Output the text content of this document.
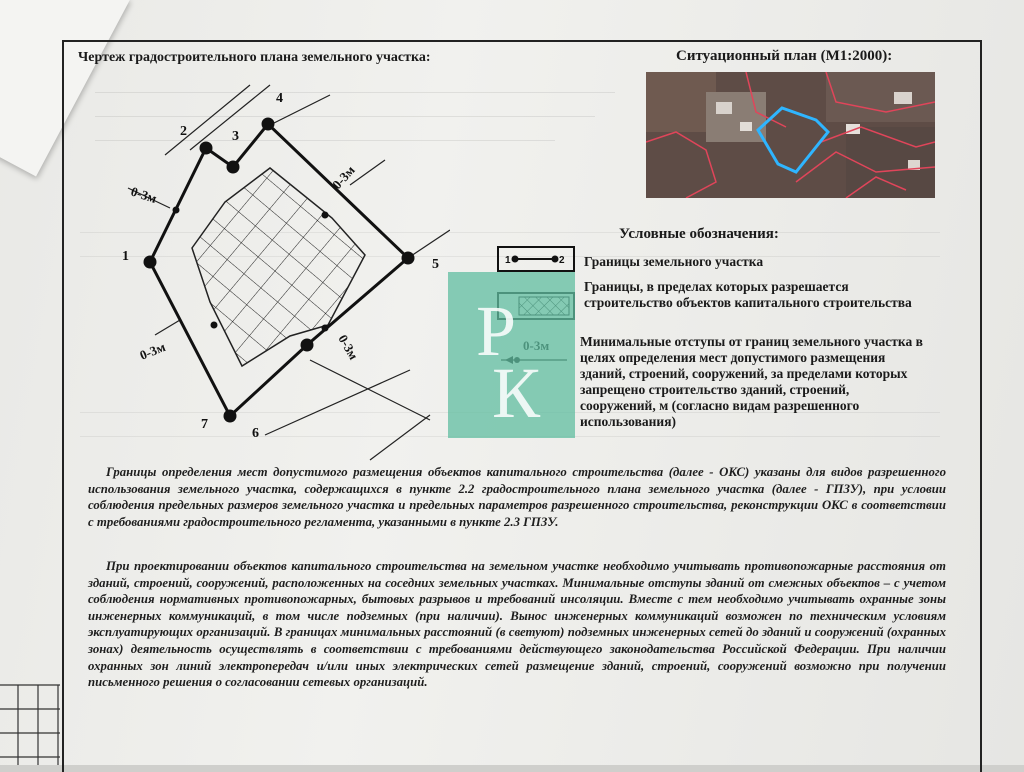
Чертеж градостроительного плана земельного участка:	Ситуационный план (М1:2000):
1
2	3
4
5
6
7
0-3м
0-3м
0-3м	0-3м
Условные обозначения:
1	2 Границы земельного участка
Границы, в пределах которых разрешается строительство объектов капитального строительства
Минимальные отступы от границ земельного участка в целях определения мест допустимого размещения зданий, строений, сооружений, за пределами которых запрещено строительство зданий, строений, сооружений, м (согласно видам разрешенного использования)
Р
К
Границы определения мест допустимого размещения объектов капитального строительства (далее - ОКС) указаны для видов разрешенного использования земельного участка, содержащихся в пункте 2.2 градостроительного плана земельного участка (далее - ГПЗУ), при условии соблюдения предельных размеров земельного участка и предельных параметров разрешенного строительства, реконструкции ОКС в соответствии с требованиями градостроительного регламента, указанными в пункте 2.3 ГПЗУ.
При проектировании объектов капитального строительства на земельном участке необходимо учитывать противопожарные расстояния от зданий, строений, сооружений, расположенных на соседних земельных участках. Минимальные отступы зданий от смежных объектов – с учетом соблюдения нормативных противопожарных, бытовых разрывов и требований инсоляции. Вместе с тем необходимо учитывать охранные зоны инженерных коммуникаций, в том числе подземных (при наличии). Вынос инженерных коммуникаций возможен по техническим условиям эксплуатирующих организаций. В границах минимальных расстояний (в светуют) подземных инженерных сетей до зданий и сооружений (охранных зонах) деятельность осуществлять в соответствии с требованиями действующего законодательства Российской Федерации. При наличии охранных зон линий электропередач и/или иных электрических сетей размещение зданий, строений, сооружений возможно при получении письменного решения о согласовании сетевых организаций.
